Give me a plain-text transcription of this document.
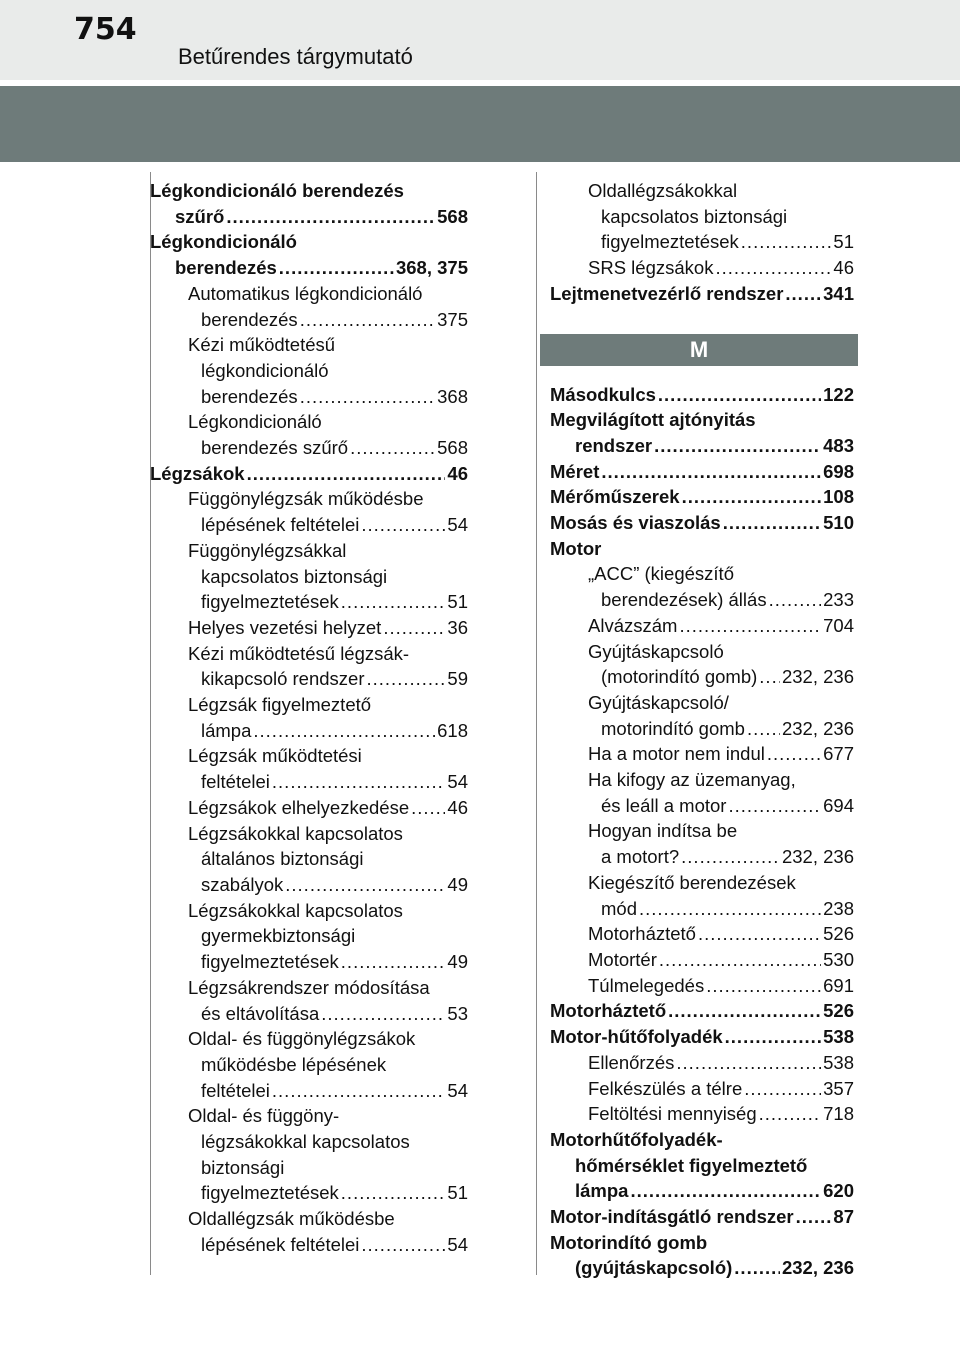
754
Betűrendes tárgymutató
Légkondicionáló berendezés
szűrő .....	568
Légkondicionáló
berendezés .....	368, 375
Automatikus légkondicionáló
berendezés .....	375
Kézi működtetésű
légkondicionáló
berendezés .....	368
Légkondicionáló
berendezés szűrő .....	568
Légzsákok .....	46
Függönylégzsák működésbe
lépésének feltételei .....	54
Függönylégzsákkal
kapcsolatos biztonsági
figyelmeztetések .....	51
Helyes vezetési helyzet .....	36
Kézi működtetésű légzsák-
kikapcsoló rendszer .....	59
Légzsák figyelmeztető
lámpa .....	618
Légzsák működtetési
feltételei .....	54
Légzsákok elhelyezkedése ..... 46
Légzsákokkal kapcsolatos
általános biztonsági
szabályok .....	49
Légzsákokkal kapcsolatos
gyermekbiztonsági
figyelmeztetések .....	49
Légzsákrendszer módosítása
és eltávolítása .....	53
Oldal- és függönylégzsákok
működésbe lépésének
feltételei .....	54
Oldal- és függöny-
légzsákokkal kapcsolatos
biztonsági
figyelmeztetések .....	51
Oldallégzsák működésbe
lépésének feltételei .....	54
Oldallégzsákokkal
kapcsolatos biztonsági
figyelmeztetések .....	51
SRS légzsákok .....	46
Lejtmenetvezérlő rendszer ..... 341
M
Másodkulcs .....	122
Megvilágított ajtónyitás
rendszer .....	483
Méret .....	698
Mérőműszerek .....	108
Mosás és viaszolás .....	510
Motor
„ACC” (kiegészítő
berendezések) állás .....	233
Alvázszám .....	704
Gyújtáskapcsoló
(motorindító gomb) ..... 232, 236
Gyújtáskapcsoló/
motorindító gomb ..... 232, 236
Ha a motor nem indul .....	677
Ha kifogy az üzemanyag,
és leáll a motor .....	694
Hogyan indítsa be
a motort? .....	232, 236
Kiegészítő berendezések
mód .....	238
Motorháztető .....	526
Motortér .....	530
Túlmelegedés .....	691
Motorháztető .....	526
Motor-hűtőfolyadék .....	538
Ellenőrzés .....	538
Felkészülés a télre .....	357
Feltöltési mennyiség .....	718
Motorhűtőfolyadék-
hőmérséklet figyelmeztető
lámpa .....	620
Motor-indításgátló rendszer ..... 87
Motorindító gomb
(gyújtáskapcsoló) .....	232, 236
